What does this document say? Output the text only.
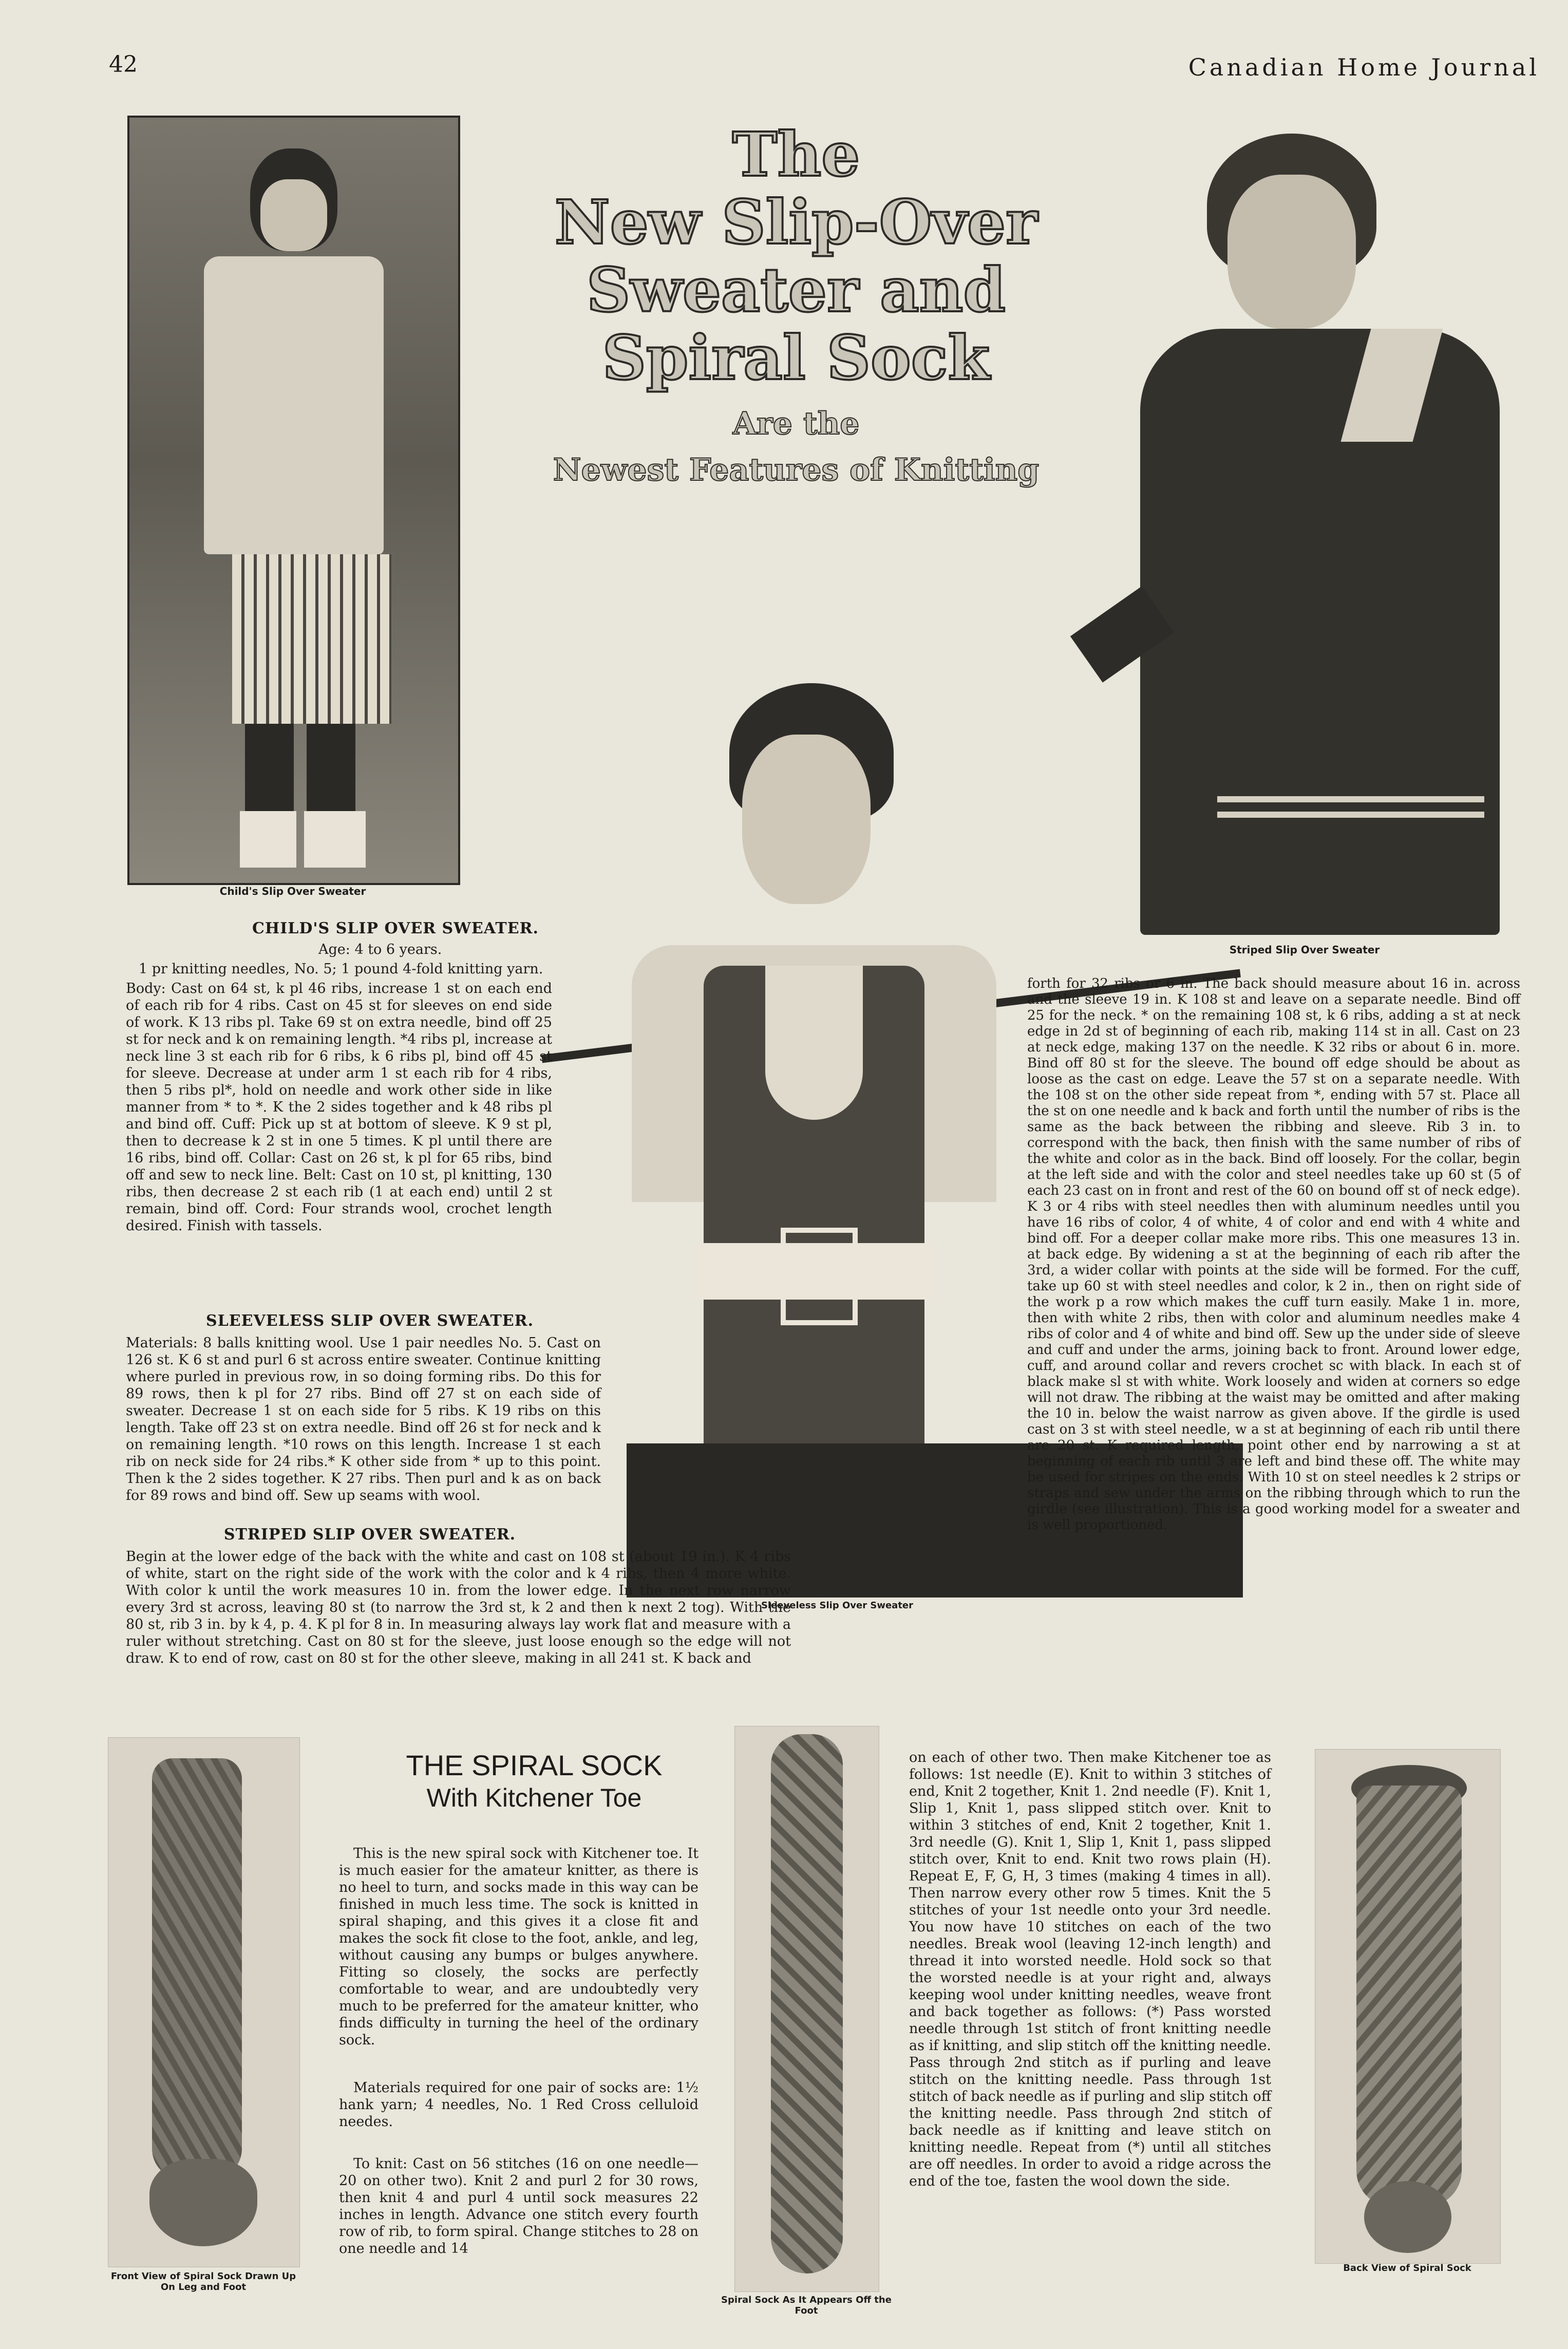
42	Canadian Home Journal
Child's Slip Over Sweater
The
New Slip-Over
Sweater and
Spiral Sock
Are the
Newest Features of Knitting
Striped Slip Over Sweater
Sleeveless Slip Over Sweater
CHILD'S SLIP OVER SWEATER.
Age: 4 to 6 years.
1 pr knitting needles, No. 5; 1 pound 4-fold knitting yarn.
Body: Cast on 64 st, k pl 46 ribs, increase 1 st on each end of each rib for 4 ribs. Cast on 45 st for sleeves on end side of work. K 13 ribs pl. Take 69 st on extra needle, bind off 25 st for neck and k on remaining length. *4 ribs pl, increase at neck line 3 st each rib for 6 ribs, k 6 ribs pl, bind off 45 st for sleeve. Decrease at under arm 1 st each rib for 4 ribs, then 5 ribs pl*, hold on needle and work other side in like manner from * to *. K the 2 sides together and k 48 ribs pl and bind off. Cuff: Pick up st at bottom of sleeve. K 9 st pl, then to decrease k 2 st in one 5 times. K pl until there are 16 ribs, bind off. Collar: Cast on 26 st, k pl for 65 ribs, bind off and sew to neck line. Belt: Cast on 10 st, pl knitting, 130 ribs, then decrease 2 st each rib (1 at each end) until 2 st remain, bind off. Cord: Four strands wool, crochet length desired. Finish with tassels.
SLEEVELESS SLIP OVER SWEATER.
Materials: 8 balls knitting wool. Use 1 pair needles No. 5. Cast on 126 st. K 6 st and purl 6 st across entire sweater. Continue knitting where purled in previous row, in so doing forming ribs. Do this for 89 rows, then k pl for 27 ribs. Bind off 27 st on each side of sweater. Decrease 1 st on each side for 5 ribs. K 19 ribs on this length. Take off 23 st on extra needle. Bind off 26 st for neck and k on remaining length. *10 rows on this length. Increase 1 st each rib on neck side for 24 ribs.* K other side from * up to this point. Then k the 2 sides together. K 27 ribs. Then purl and k as on back for 89 rows and bind off. Sew up seams with wool.
STRIPED SLIP OVER SWEATER.
Begin at the lower edge of the back with the white and cast on 108 st (about 19 in.). K 4 ribs of white, start on the right side of the work with the color and k 4 ribs, then 4 more white. With color k until the work measures 10 in. from the lower edge. In the next row narrow every 3rd st across, leaving 80 st (to narrow the 3rd st, k 2 and then k next 2 tog). With the 80 st, rib 3 in. by k 4, p. 4. K pl for 8 in. In measuring always lay work flat and measure with a ruler without stretching. Cast on 80 st for the sleeve, just loose enough so the edge will not draw. K to end of row, cast on 80 st for the other sleeve, making in all 241 st. K back and
forth for 32 ribs or 6 in. The back should measure about 16 in. across and the sleeve 19 in. K 108 st and leave on a separate needle. Bind off 25 for the neck. * on the remaining 108 st, k 6 ribs, adding a st at neck edge in 2d st of beginning of each rib, making 114 st in all. Cast on 23 at neck edge, making 137 on the needle. K 32 ribs or about 6 in. more. Bind off 80 st for the sleeve. The bound off edge should be about as loose as the cast on edge. Leave the 57 st on a separate needle. With the 108 st on the other side repeat from *, ending with 57 st. Place all the st on one needle and k back and forth until the number of ribs is the same as the back between the ribbing and sleeve. Rib 3 in. to correspond with the back, then finish with the same number of ribs of the white and color as in the back. Bind off loosely. For the collar, begin at the left side and with the color and steel needles take up 60 st (5 of each 23 cast on in front and rest of the 60 on bound off st of neck edge). K 3 or 4 ribs with steel needles then with aluminum needles until you have 16 ribs of color, 4 of white, 4 of color and end with 4 white and bind off. For a deeper collar make more ribs. This one measures 13 in. at back edge. By widening a st at the beginning of each rib after the 3rd, a wider collar with points at the side will be formed. For the cuff, take up 60 st with steel needles and color, k 2 in., then on right side of the work p a row which makes the cuff turn easily. Make 1 in. more, then with white 2 ribs, then with color and aluminum needles make 4 ribs of color and 4 of white and bind off. Sew up the under side of sleeve and cuff and under the arms, joining back to front. Around lower edge, cuff, and around collar and revers crochet sc with black. In each st of black make sl st with white. Work loosely and widen at corners so edge will not draw. The ribbing at the waist may be omitted and after making the 10 in. below the waist narrow as given above. If the girdle is used cast on 3 st with steel needle, w a st at beginning of each rib until there are 20 st. K required length, point other end by narrowing a st at beginning of each rib until 3 are left and bind these off. The white may be used for stripes on the ends. With 10 st on steel needles k 2 strips or straps and sew under the arms on the ribbing through which to run the girdle (see illustration). This is a good working model for a sweater and is well proportioned.
Front View of Spiral Sock Drawn Up On Leg and Foot
Spiral Sock As It Appears Off the Foot
Back View of Spiral Sock
THE SPIRAL SOCK
With Kitchener Toe
This is the new spiral sock with Kitchener toe. It is much easier for the amateur knitter, as there is no heel to turn, and socks made in this way can be finished in much less time. The sock is knitted in spiral shaping, and this gives it a close fit and makes the sock fit close to the foot, ankle, and leg, without causing any bumps or bulges anywhere. Fitting so closely, the socks are perfectly comfortable to wear, and are undoubtedly very much to be preferred for the amateur knitter, who finds difficulty in turning the heel of the ordinary sock.
Materials required for one pair of socks are: 1½ hank yarn; 4 needles, No. 1 Red Cross celluloid needes.
To knit: Cast on 56 stitches (16 on one needle—20 on other two). Knit 2 and purl 2 for 30 rows, then knit 4 and purl 4 until sock measures 22 inches in length. Advance one stitch every fourth row of rib, to form spiral. Change stitches to 28 on one needle and 14
on each of other two. Then make Kitchener toe as follows: 1st needle (E). Knit to within 3 stitches of end, Knit 2 together, Knit 1. 2nd needle (F). Knit 1, Slip 1, Knit 1, pass slipped stitch over. Knit to within 3 stitches of end, Knit 2 together, Knit 1. 3rd needle (G). Knit 1, Slip 1, Knit 1, pass slipped stitch over, Knit to end. Knit two rows plain (H). Repeat E, F, G, H, 3 times (making 4 times in all). Then narrow every other row 5 times. Knit the 5 stitches of your 1st needle onto your 3rd needle. You now have 10 stitches on each of the two needles. Break wool (leaving 12-inch length) and thread it into worsted needle. Hold sock so that the worsted needle is at your right and, always keeping wool under knitting needles, weave front and back together as follows: (*) Pass worsted needle through 1st stitch of front knitting needle as if knitting, and slip stitch off the knitting needle. Pass through 2nd stitch as if purling and leave stitch on the knitting needle. Pass through 1st stitch of back needle as if purling and slip stitch off the knitting needle. Pass through 2nd stitch of back needle as if knitting and leave stitch on knitting needle. Repeat from (*) until all stitches are off needles. In order to avoid a ridge across the end of the toe, fasten the wool down the side.
